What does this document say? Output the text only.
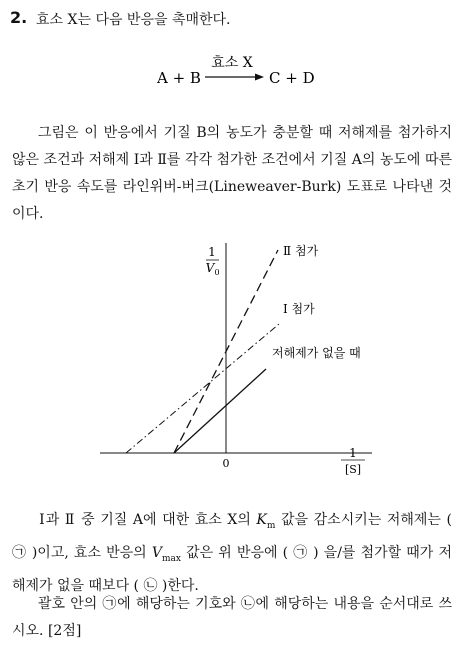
2. 효소 X는 다음 반응을 촉매한다.
A + B
효소 X
C + D
그림은 이 반응에서 기질 B의 농도가 충분할 때 저해제를 첨가하지 않은 조건과 저해제 Ⅰ과 Ⅱ를 각각 첨가한 조건에서 기질 A의 농도에 따른 초기 반응 속도를 라인위버-버크(Lineweaver-Burk) 도표로 나타낸 것이다.
1
V 0
1
[S]
0
Ⅱ 첨가
Ⅰ 첨가
저해제가 없을 때
Ⅰ과 Ⅱ 중 기질 A에 대한 효소 X의 $K_m$ 값을 감소시키는 저해제는 ( ㉠ )이고, 효소 반응의 $V_{max}$ 값은 위 반응에 ( ㉠ ) 을/를 첨가할 때가 저해제가 없을 때보다 ( ㉡ )한다.
괄호 안의 ㉠에 해당하는 기호와 ㉡에 해당하는 내용을 순서대로 쓰시오. [2점]
